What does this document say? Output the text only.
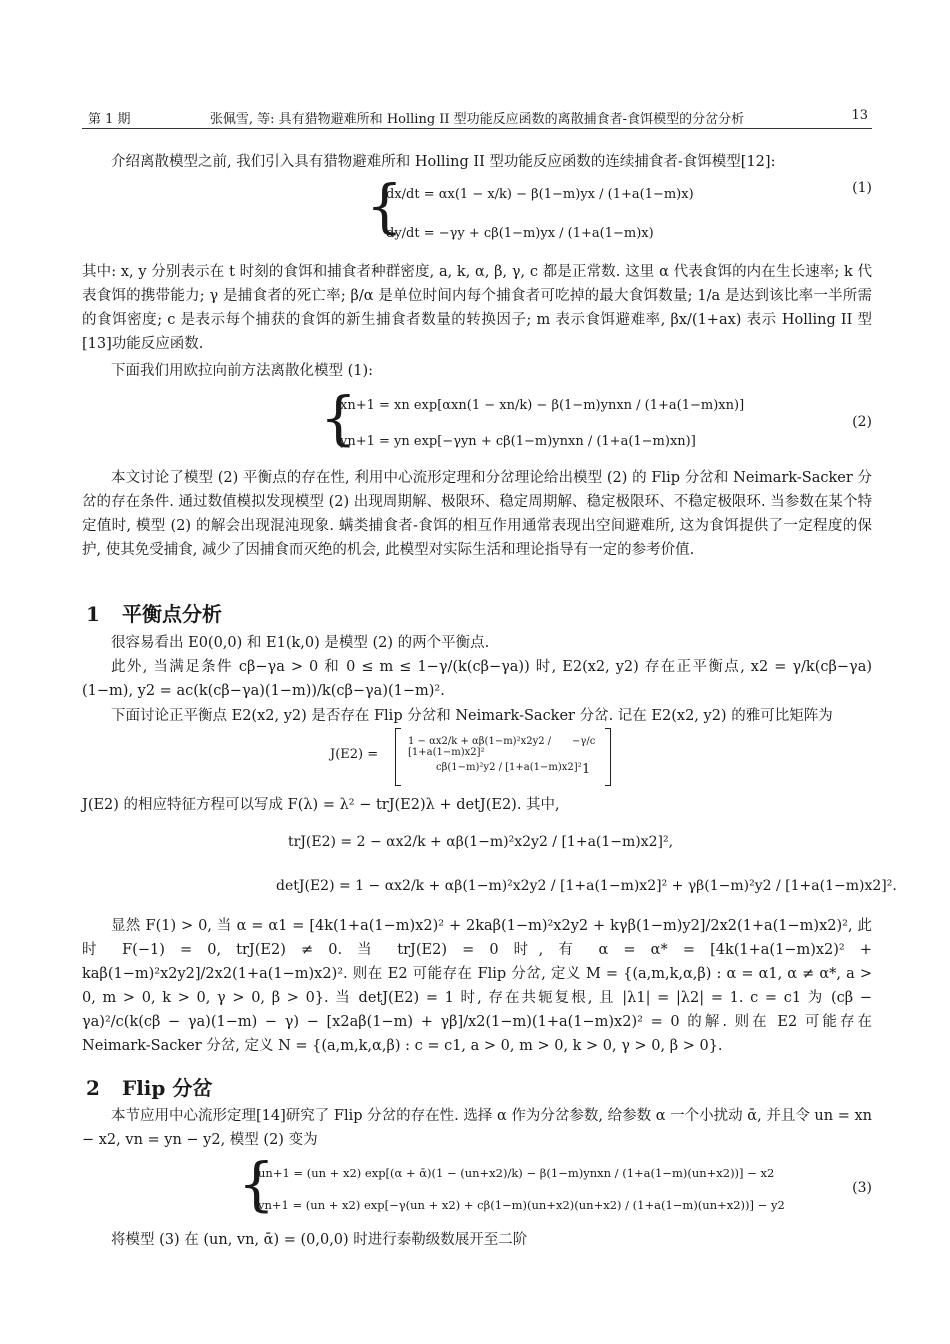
第 1 期	张佩雪, 等: 具有猎物避难所和 Holling II 型功能反应函数的离散捕食者-食饵模型的分岔分析	13
介绍离散模型之前, 我们引入具有猎物避难所和 Holling II 型功能反应函数的连续捕食者-食饵模型[12]:
{
dx/dt = αx(1 − x/k) − β(1−m)yx / (1+a(1−m)x)
dy/dt = −γy + cβ(1−m)yx / (1+a(1−m)x)
(1)
其中: x, y 分别表示在 t 时刻的食饵和捕食者种群密度, a, k, α, β, γ, c 都是正常数. 这里 α 代表食饵的内在生长速率; k 代表食饵的携带能力; γ 是捕食者的死亡率; β/α 是单位时间内每个捕食者可吃掉的最大食饵数量; 1/a 是达到该比率一半所需的食饵密度; c 是表示每个捕获的食饵的新生捕食者数量的转换因子; m 表示食饵避难率, βx/(1+ax) 表示 Holling II 型[13]功能反应函数.
下面我们用欧拉向前方法离散化模型 (1):
{
xn+1 = xn exp[αxn(1 − xn/k) − β(1−m)ynxn / (1+a(1−m)xn)]
yn+1 = yn exp[−γyn + cβ(1−m)ynxn / (1+a(1−m)xn)]
(2)
本文讨论了模型 (2) 平衡点的存在性, 利用中心流形定理和分岔理论给出模型 (2) 的 Flip 分岔和 Neimark-Sacker 分岔的存在条件. 通过数值模拟发现模型 (2) 出现周期解、极限环、稳定周期解、稳定极限环、不稳定极限环. 当参数在某个特定值时, 模型 (2) 的解会出现混沌现象. 螨类捕食者-食饵的相互作用通常表现出空间避难所, 这为食饵提供了一定程度的保护, 使其免受捕食, 减少了因捕食而灭绝的机会, 此模型对实际生活和理论指导有一定的参考价值.
1 平衡点分析
很容易看出 E0(0,0) 和 E1(k,0) 是模型 (2) 的两个平衡点.
此外, 当满足条件 cβ−γa > 0 和 0 ≤ m ≤ 1−γ/(k(cβ−γa)) 时, E2(x2, y2) 存在正平衡点, x2 = γ/k(cβ−γa)(1−m), y2 = ac(k(cβ−γa)(1−m))/k(cβ−γa)(1−m)².
下面讨论正平衡点 E2(x2, y2) 是否存在 Flip 分岔和 Neimark-Sacker 分岔. 记在 E2(x2, y2) 的雅可比矩阵为
J(E2) =
1 − αx2/k + αβ(1−m)²x2y2 / [1+a(1−m)x2]²
−γ/c
cβ(1−m)²y2 / [1+a(1−m)x2]² 1
J(E2) 的相应特征方程可以写成 F(λ) = λ² − trJ(E2)λ + detJ(E2). 其中,
trJ(E2) = 2 − αx2/k + αβ(1−m)²x2y2 / [1+a(1−m)x2]²,
detJ(E2) = 1 − αx2/k + αβ(1−m)²x2y2 / [1+a(1−m)x2]² + γβ(1−m)²y2 / [1+a(1−m)x2]².
显然 F(1) > 0, 当 α = α1 = [4k(1+a(1−m)x2)² + 2kaβ(1−m)²x2y2 + kγβ(1−m)y2]/2x2(1+a(1−m)x2)², 此时 F(−1) = 0, trJ(E2) ≠ 0. 当 trJ(E2) = 0 时, 有 α = α* = [4k(1+a(1−m)x2)² + kaβ(1−m)²x2y2]/2x2(1+a(1−m)x2)². 则在 E2 可能存在 Flip 分岔, 定义 M = {(a,m,k,α,β) : α = α1, α ≠ α*, a > 0, m > 0, k > 0, γ > 0, β > 0}. 当 detJ(E2) = 1 时, 存在共轭复根, 且 |λ1| = |λ2| = 1. c = c1 为 (cβ − γa)²/c(k(cβ − γa)(1−m) − γ) − [x2aβ(1−m) + γβ]/x2(1−m)(1+a(1−m)x2)² = 0 的解. 则在 E2 可能存在 Neimark-Sacker 分岔, 定义 N = {(a,m,k,α,β) : c = c1, a > 0, m > 0, k > 0, γ > 0, β > 0}.
2 Flip 分岔
本节应用中心流形定理[14]研究了 Flip 分岔的存在性. 选择 α 作为分岔参数, 给参数 α 一个小扰动 ᾱ, 并且令 un = xn − x2, vn = yn − y2, 模型 (2) 变为
{
un+1 = (un + x2) exp[(α + ᾱ)(1 − (un+x2)/k) − β(1−m)ynxn / (1+a(1−m)(un+x2))] − x2
vn+1 = (un + x2) exp[−γ(un + x2) + cβ(1−m)(un+x2)(un+x2) / (1+a(1−m)(un+x2))] − y2
(3)
将模型 (3) 在 (un, vn, ᾱ) = (0,0,0) 时进行泰勒级数展开至二阶
